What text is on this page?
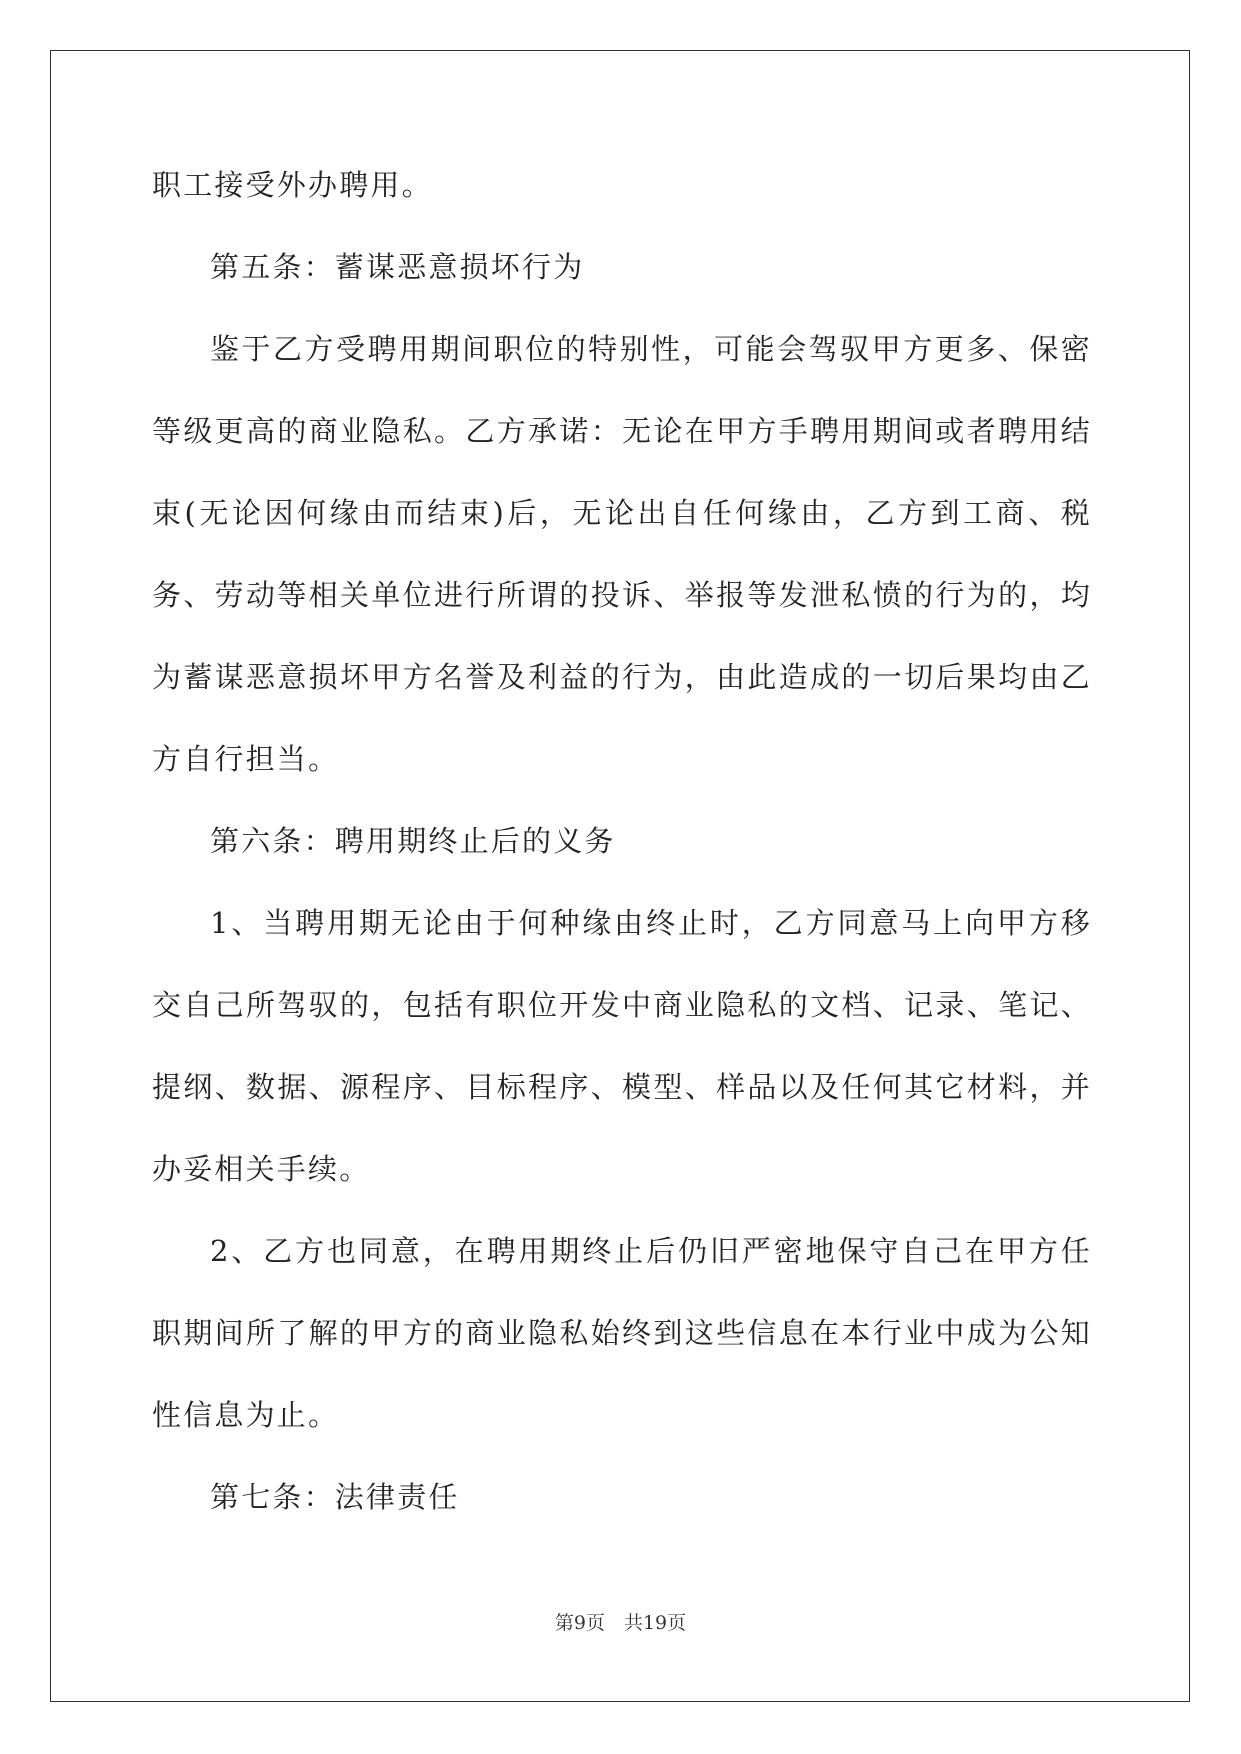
职工接受外办聘用。

第五条：蓄谋恶意损坏行为

鉴于乙方受聘用期间职位的特别性，可能会驾驭甲方更多、保密等级更高的商业隐私。乙方承诺：无论在甲方手聘用期间或者聘用结束(无论因何缘由而结束)后，无论出自任何缘由，乙方到工商、税务、劳动等相关单位进行所谓的投诉、举报等发泄私愤的行为的，均为蓄谋恶意损坏甲方名誉及利益的行为，由此造成的一切后果均由乙方自行担当。

第六条：聘用期终止后的义务

1、当聘用期无论由于何种缘由终止时，乙方同意马上向甲方移交自己所驾驭的，包括有职位开发中商业隐私的文档、记录、笔记、提纲、数据、源程序、目标程序、模型、样品以及任何其它材料，并办妥相关手续。

2、乙方也同意，在聘用期终止后仍旧严密地保守自己在甲方任职期间所了解的甲方的商业隐私始终到这些信息在本行业中成为公知性信息为止。

第七条：法律责任

第9页　共19页
